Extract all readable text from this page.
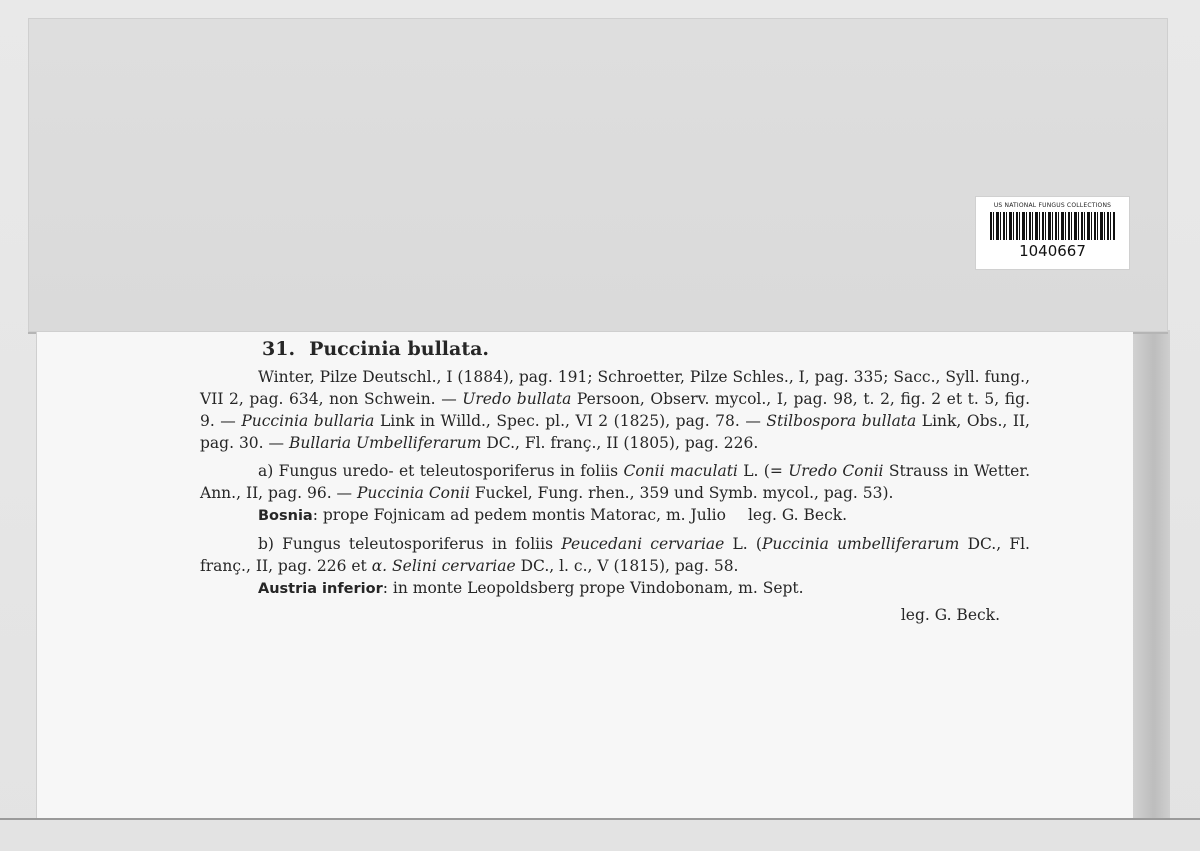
US NATIONAL FUNGUS COLLECTIONS
1040667
31. Puccinia bullata.

Winter, Pilze Deutschl., I (1884), pag. 191; Schroetter, Pilze Schles., I, pag. 335; Sacc., Syll. fung., VII 2, pag. 634, non Schwein. — Uredo bullata Persoon, Observ. mycol., I, pag. 98, t. 2, fig. 2 et t. 5, fig. 9. — Puccinia bullaria Link in Willd., Spec. pl., VI 2 (1825), pag. 78. — Stilbospora bullata Link, Obs., II, pag. 30. — Bullaria Umbelliferarum DC., Fl. franç., II (1805), pag. 226.

a) Fungus uredo- et teleutosporiferus in foliis Conii maculati L. (= Uredo Conii Strauss in Wetter. Ann., II, pag. 96. — Puccinia Conii Fuckel, Fung. rhen., 359 und Symb. mycol., pag. 53).

Bosnia: prope Fojnicam ad pedem montis Matorac, m. Julio leg. G. Beck.

b) Fungus teleutosporiferus in foliis Peucedani cervariae L. (Puccinia umbelliferarum DC., Fl. franç., II, pag. 226 et α. Selini cervariae DC., l. c., V (1815), pag. 58.

Austria inferior: in monte Leopoldsberg prope Vindobonam, m. Sept.
leg. G. Beck.
